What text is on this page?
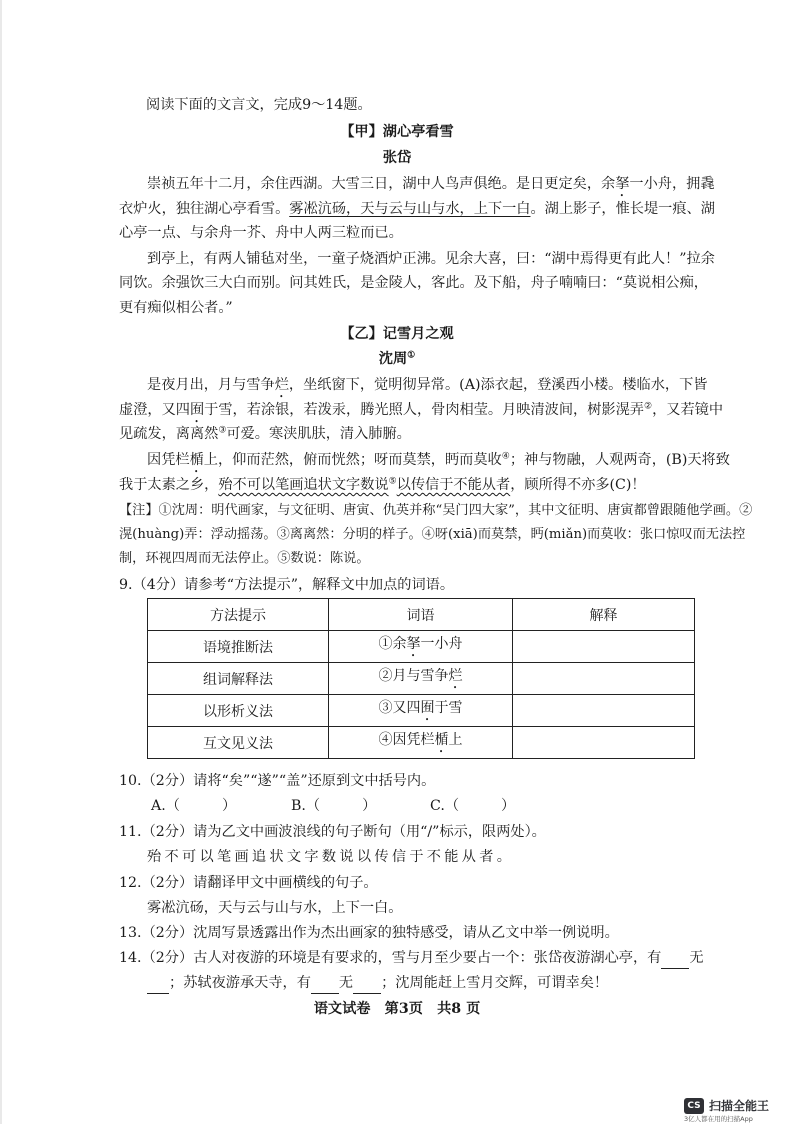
阅读下面的文言文，完成9～14题。
【甲】湖心亭看雪
张岱
崇祯五年十二月，余住西湖。大雪三日，湖中人鸟声俱绝。是日更定矣，余拏一小舟，拥毳
衣炉火，独往湖心亭看雪。雾凇沆砀，天与云与山与水，上下一白。湖上影子，惟长堤一痕、湖
心亭一点、与余舟一芥、舟中人两三粒而已。
到亭上，有两人铺毡对坐，一童子烧酒炉正沸。见余大喜，曰：“湖中焉得更有此人！”拉余
同饮。余强饮三大白而别。问其姓氏，是金陵人，客此。及下船，舟子喃喃曰：“莫说相公痴，
更有痴似相公者。”
【乙】记雪月之观
沈周①
是夜月出，月与雪争烂，坐纸窗下，觉明彻异常。(A)添衣起，登溪西小楼。楼临水，下皆
虚澄，又四囿于雪，若涂银，若泼汞，腾光照人，骨肉相莹。月映清波间，树影滉弄②，又若镜中
见疏发，离离然③可爱。寒浃肌肤，清入肺腑。
因凭栏楯上，仰而茫然，俯而恍然；呀而莫禁，眄而莫收④；神与物融，人观两奇，(B)天将致
我于太素之乡，殆不可以笔画追状文字数说⑤以传信于不能从者，顾所得不亦多(C)！
【注】①沈周：明代画家，与文征明、唐寅、仇英并称“吴门四大家”，其中文征明、唐寅都曾跟随他学画。②
滉(huàng)弄：浮动摇荡。③离离然：分明的样子。④呀(xiā)而莫禁，眄(miǎn)而莫收：张口惊叹而无法控
制，环视四周而无法停止。⑤数说：陈说。
9.（4分）请参考“方法提示”，解释文中加点的词语。
方法提示	词语	解释
语境推断法	①余拏一小舟	
组词解释法	②月与雪争烂	
以形析义法	③又四囿于雪	
互文见义法	④因凭栏楯上	
10.（2分）请将“矣”“遂”“盖”还原到文中括号内。
A.（	）	B.（	）	C.（	）
11.（2分）请为乙文中画波浪线的句子断句（用“/”标示，限两处）。
殆不可以笔画追状文字数说以传信于不能从者。
12.（2分）请翻译甲文中画横线的句子。
雾凇沆砀，天与云与山与水，上下一白。
13.（2分）沈周写景透露出作为杰出画家的独特感受，请从乙文中举一例说明。
14.（2分）古人对夜游的环境是有要求的，雪与月至少要占一个：张岱夜游湖心亭，有 无
；苏轼夜游承天寺，有 无 ；沈周能赶上雪月交辉，可谓幸矣！
语文试卷　第3页　共8 页
CS 扫描全能王
3亿人都在用的扫描App
